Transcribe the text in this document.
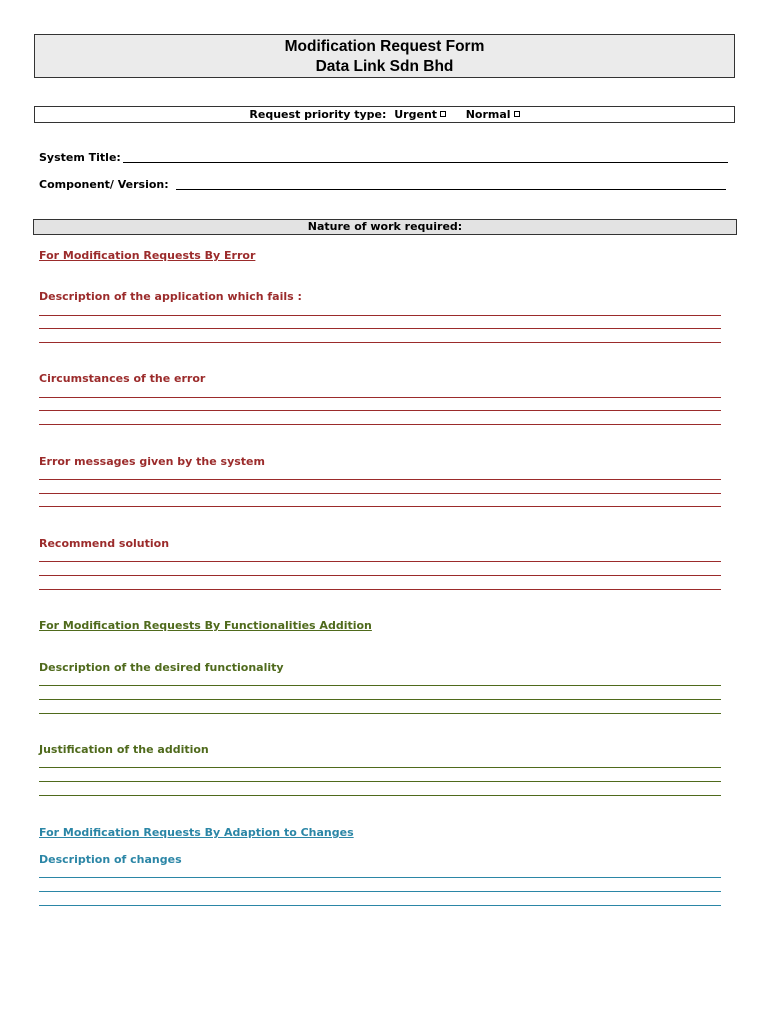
Modification Request Form
Data Link Sdn Bhd
Request priority type: Urgent	Normal
System Title:
Component/ Version:
Nature of work required:
For Modification Requests By Error
Description of the application which fails :
Circumstances of the error
Error messages given by the system
Recommend solution
For Modification Requests By Functionalities Addition
Description of the desired functionality
Justification of the addition
For Modification Requests By Adaption to Changes
Description of changes
